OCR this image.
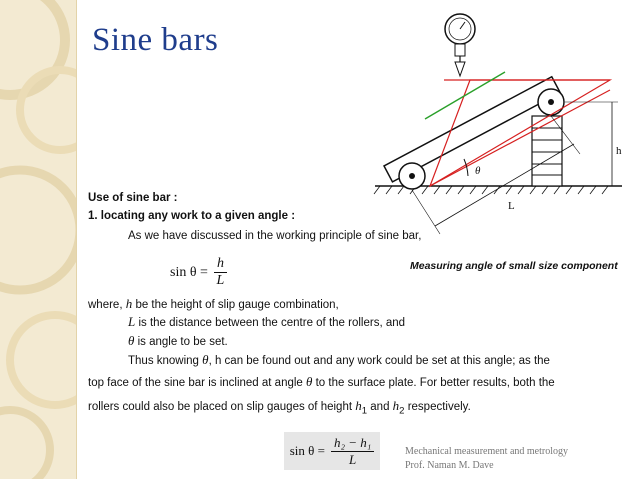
Sine bars
θ
h
L
Measuring angle of small size component
Use of sine bar :
1. locating any work to a given angle :
As we have discussed in the working principle of sine bar,
$\sin \theta = \frac{h}{L}$
where, h be the height of slip gauge combination,
L is the distance between the centre of the rollers, and
θ is angle to be set.
Thus knowing θ, h can be found out and any work could be set at this angle; as the
top face of the sine bar is inclined at angle θ to the surface plate. For better results, both the
rollers could also be placed on slip gauges of height $h_1$ and $h_2$ respectively.
$\sin \theta = \frac{\text{h₂ − h₁}}{L}$	Mechanical measurement and metrology
Prof. Naman M. Dave
